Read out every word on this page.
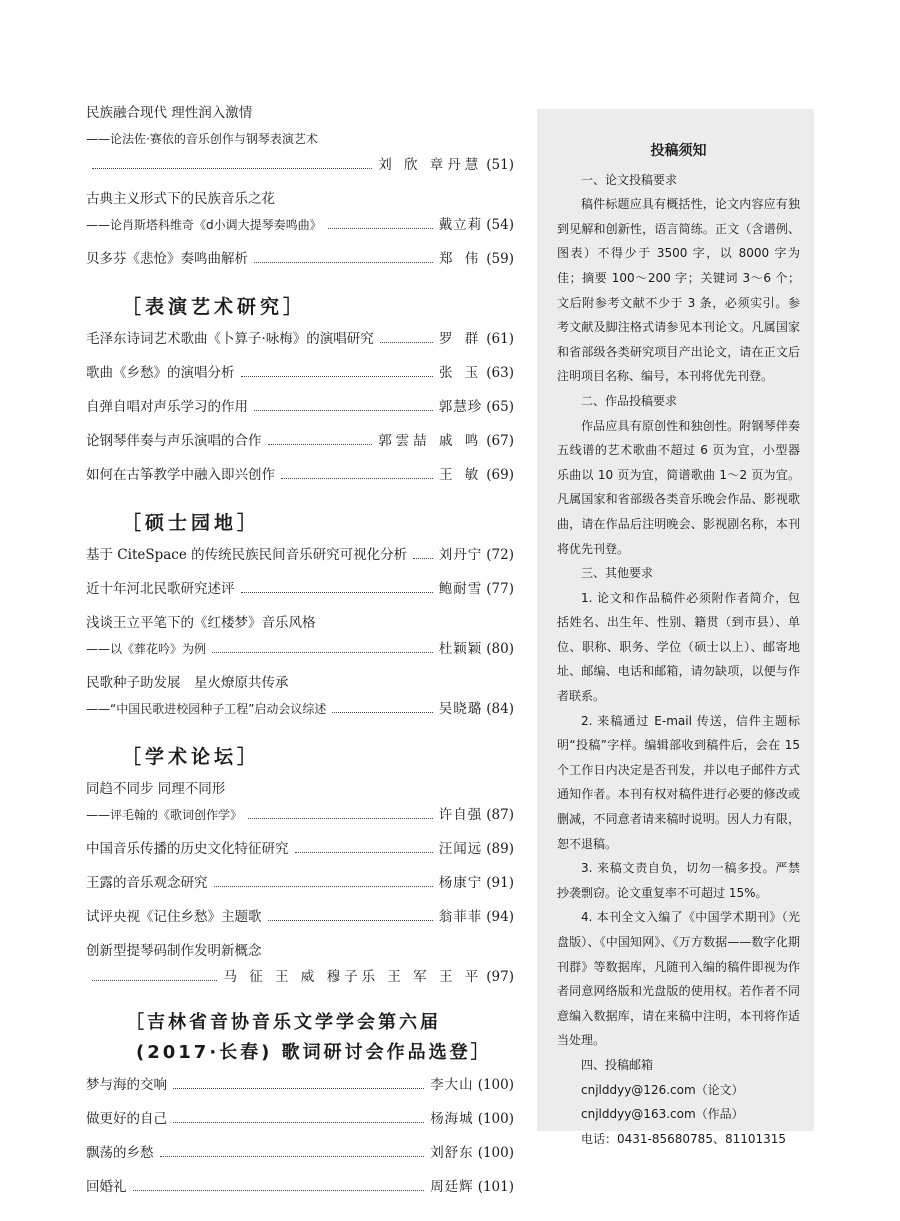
民族融合现代 理性润入激情
——论法佐·赛依的音乐创作与钢琴表演艺术
刘 欣 章丹慧 (51)
古典主义形式下的民族音乐之花
——论肖斯塔科维奇《d小调大提琴奏鸣曲》	戴立莉 (54)
贝多芬《悲怆》奏鸣曲解析	郑 伟 (59)
［表演艺术研究］
毛泽东诗词艺术歌曲《卜算子·咏梅》的演唱研究	罗 群 (61)
歌曲《乡愁》的演唱分析	张 玉 (63)
自弹自唱对声乐学习的作用	郭慧珍 (65)
论钢琴伴奏与声乐演唱的合作	郭雲喆 戚 鸣 (67)
如何在古筝教学中融入即兴创作	王 敏 (69)
［硕士园地］
基于 CiteSpace 的传统民族民间音乐研究可视化分析 刘丹宁 (72)
近十年河北民歌研究述评	鲍耐雪 (77)
浅谈王立平笔下的《红楼梦》音乐风格
——以《葬花吟》为例	杜颖颖 (80)
民歌种子助发展　星火燎原共传承
——“中国民歌进校园种子工程”启动会议综述	吴晓璐 (84)
［学术论坛］
同趋不同步 同理不同形
——评毛翰的《歌词创作学》	许自强 (87)
中国音乐传播的历史文化特征研究	汪闻远 (89)
王露的音乐观念研究	杨康宁 (91)
试评央视《记住乡愁》主题歌	翁菲菲 (94)
创新型提琴码制作发明新概念
马 征 王 威 穆子乐 王 军 王 平 (97)
［吉林省音协音乐文学学会第六届
(2017·长春) 歌词研讨会作品选登］
梦与海的交响	李大山 (100)
做更好的自己	杨海城 (100)
飘荡的乡愁	刘舒东 (100)
回婚礼	周廷辉 (101)
投稿须知
一、论文投稿要求
稿件标题应具有概括性，论文内容应有独到见解和创新性，语言简练。正文（含谱例、图表）不得少于 3500 字，以 8000 字为佳；摘要 100～200 字；关键词 3～6 个；文后附参考文献不少于 3 条，必须实引。参考文献及脚注格式请参见本刊论文。凡属国家和省部级各类研究项目产出论文，请在正文后注明项目名称、编号，本刊将优先刊登。
二、作品投稿要求
作品应具有原创性和独创性。附钢琴伴奏五线谱的艺术歌曲不超过 6 页为宜，小型器乐曲以 10 页为宜，简谱歌曲 1～2 页为宜。凡属国家和省部级各类音乐晚会作品、影视歌曲，请在作品后注明晚会、影视剧名称，本刊将优先刊登。
三、其他要求
1. 论文和作品稿件必须附作者简介，包括姓名、出生年、性别、籍贯（到市县）、单位、职称、职务、学位（硕士以上）、邮寄地址、邮编、电话和邮箱，请勿缺项，以便与作者联系。
2. 来稿通过 E-mail 传送，信件主题标明“投稿”字样。编辑部收到稿件后，会在 15 个工作日内决定是否刊发，并以电子邮件方式通知作者。本刊有权对稿件进行必要的修改或删减，不同意者请来稿时说明。因人力有限，恕不退稿。
3. 来稿文责自负，切勿一稿多投。严禁抄袭剽窃。论文重复率不可超过 15%。
4. 本刊全文入编了《中国学术期刊》（光盘版）、《中国知网》、《万方数据——数字化期刊群》等数据库，凡随刊入编的稿件即视为作者同意网络版和光盘版的使用权。若作者不同意编入数据库，请在来稿中注明，本刊将作适当处理。
四、投稿邮箱
cnjlddyy@126.com（论文）
cnjlddyy@163.com（作品）
电话：0431-85680785、81101315
